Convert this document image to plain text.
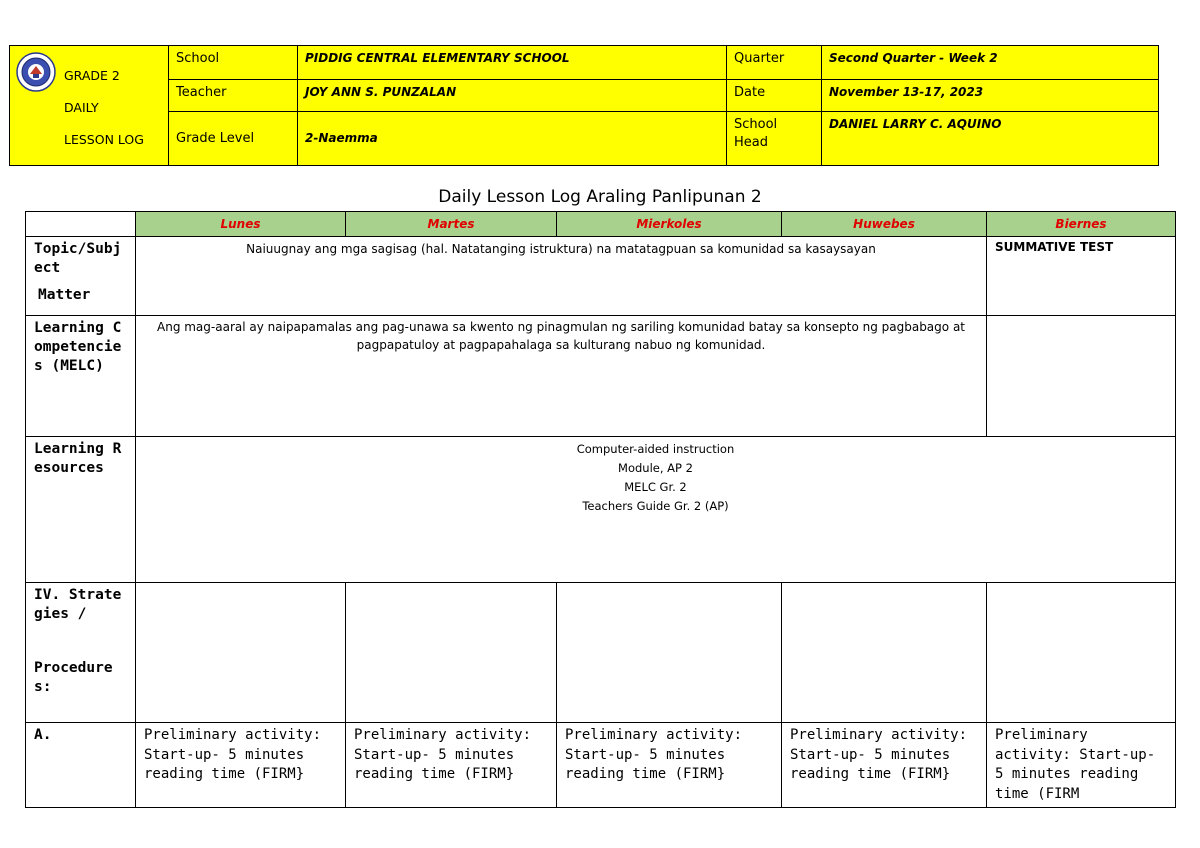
GRADE 2
DAILY
LESSON LOG	School	PIDDIG CENTRAL ELEMENTARY SCHOOL	Quarter	Second Quarter - Week 2
	Teacher	JOY ANN S. PUNZALAN	Date	November 13-17, 2023
	Grade Level	2-Naemma	School Head	DANIEL LARRY C. AQUINO
Daily Lesson Log Araling Panlipunan 2
	Lunes	Martes	Mierkoles	Huwebes	Biernes

Topic/Subject
Matter	Naiuugnay ang mga sagisag (hal. Natatanging istruktura) na matatagpuan sa komunidad sa kasaysayan				SUMMATIVE TEST
Learning Competencies (MELC)	Ang mag-aaral ay naipapamalas ang pag-unawa sa kwento ng pinagmulan ng sariling komunidad batay sa konsepto ng pagbabago at pagpapatuloy at pagpapahalaga sa kulturang nabuo ng komunidad.				
Learning Resources	Computer-aided instruction
Module, AP 2
MELC Gr. 2
Teachers Guide Gr. 2 (AP)				

IV. Strategies /
Procedures:					

A.	Preliminary activity: Start-up- 5 minutes reading time (FIRM}	Preliminary activity: Start-up- 5 minutes reading time (FIRM}	Preliminary activity: Start-up- 5 minutes reading time (FIRM}	Preliminary activity: Start-up- 5 minutes reading time (FIRM}	Preliminary activity: Start-up- 5 minutes reading time (FIRM
